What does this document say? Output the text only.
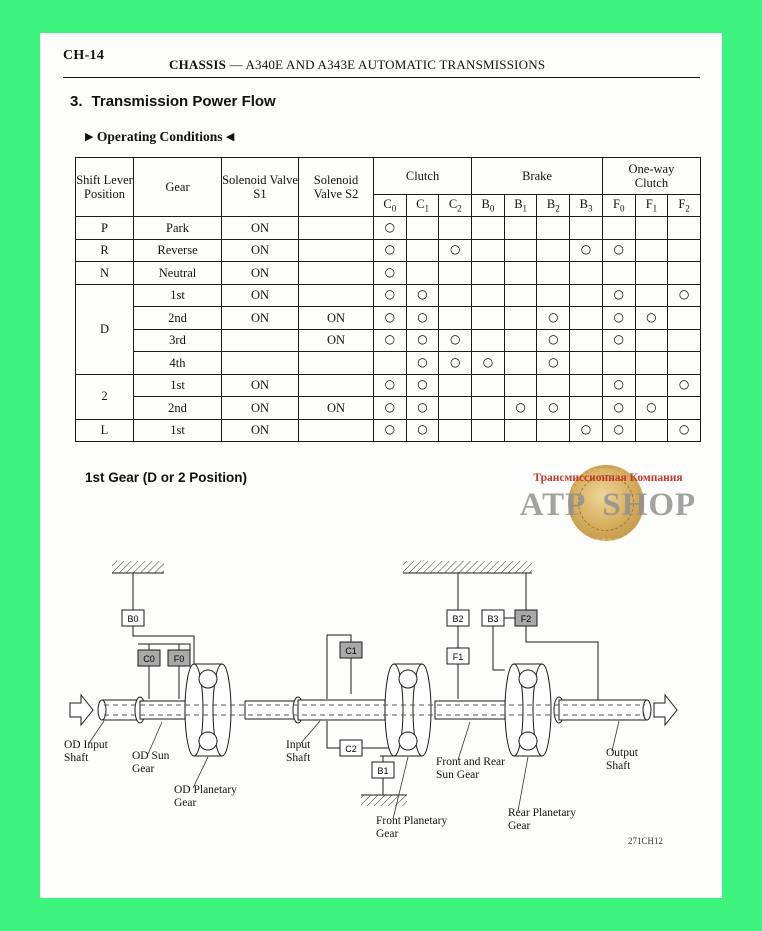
CH-14
CHASSIS — A340E AND A343E AUTOMATIC TRANSMISSIONS
3. Transmission Power Flow
▶ Operating Conditions ◀
Shift Lever Position	Gear	Solenoid Valve S1	Solenoid Valve S2	Clutch			Brake				One-way Clutch		
				$C_0$	$C_1$	$C_2$	$B_0$	$B_1$	$B_2$	$B_3$	$F_0$	$F_1$	$F_2$
P	Park	ON		○									
R	Reverse	ON		○		○				○	○		
N	Neutral	ON		○									
D	1st	ON		○	○						○		○
	2nd	ON	ON	○	○				○		○	○	
	3rd		ON	○	○	○			○		○		
	4th				○	○	○		○				
2	1st	ON		○	○						○		○
	2nd	ON	ON	○	○			○	○		○	○	
L	1st	ON		○	○					○	○		○
1st Gear (D or 2 Position)	Трансмиссионная Компания
ATP SHOP
B0
C0 F0
C1
C2
B1
B2
F1
B3 F2
OD Input
Shaft	OD Sun
Gear
OD Planetary
Gear
Input
Shaft	Front and Rear
Sun Gear
Front Planetary
Gear
Rear Planetary
Gear
Output
Shaft
271CH12
